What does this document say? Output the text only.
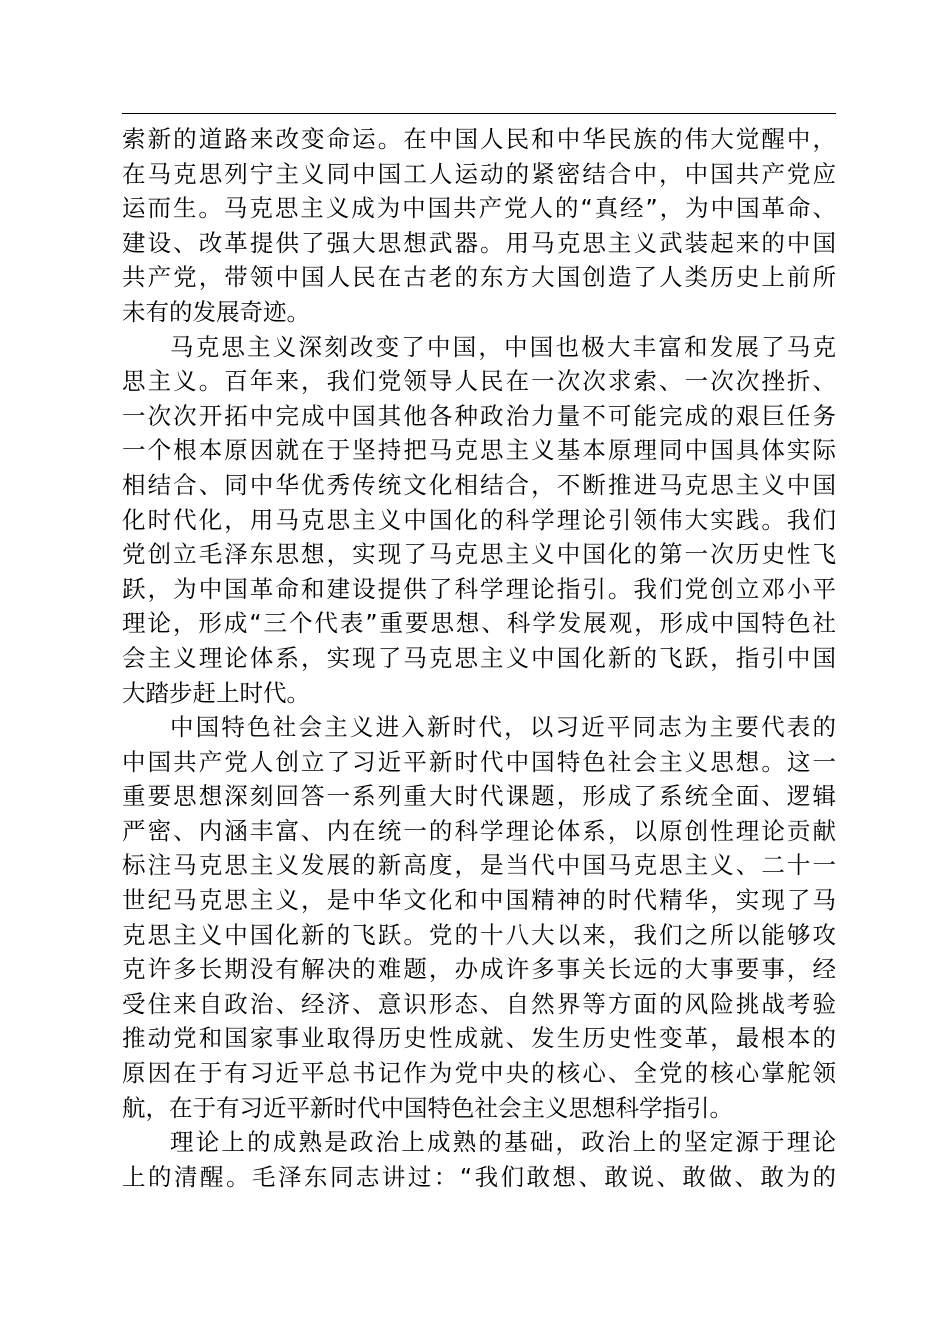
索新的道路来改变命运。在中国人民和中华民族的伟大觉醒中，
在马克思列宁主义同中国工人运动的紧密结合中，中国共产党应
运而生。马克思主义成为中国共产党人的“真经”，为中国革命、
建设、改革提供了强大思想武器。用马克思主义武装起来的中国
共产党，带领中国人民在古老的东方大国创造了人类历史上前所
未有的发展奇迹。
马克思主义深刻改变了中国，中国也极大丰富和发展了马克
思主义。百年来，我们党领导人民在一次次求索、一次次挫折、
一次次开拓中完成中国其他各种政治力量不可能完成的艰巨任务
一个根本原因就在于坚持把马克思主义基本原理同中国具体实际
相结合、同中华优秀传统文化相结合，不断推进马克思主义中国
化时代化，用马克思主义中国化的科学理论引领伟大实践。我们
党创立毛泽东思想，实现了马克思主义中国化的第一次历史性飞
跃，为中国革命和建设提供了科学理论指引。我们党创立邓小平
理论，形成“三个代表”重要思想、科学发展观，形成中国特色社
会主义理论体系，实现了马克思主义中国化新的飞跃，指引中国
大踏步赶上时代。
中国特色社会主义进入新时代，以习近平同志为主要代表的
中国共产党人创立了习近平新时代中国特色社会主义思想。这一
重要思想深刻回答一系列重大时代课题，形成了系统全面、逻辑
严密、内涵丰富、内在统一的科学理论体系，以原创性理论贡献
标注马克思主义发展的新高度，是当代中国马克思主义、二十一
世纪马克思主义，是中华文化和中国精神的时代精华，实现了马
克思主义中国化新的飞跃。党的十八大以来，我们之所以能够攻
克许多长期没有解决的难题，办成许多事关长远的大事要事，经
受住来自政治、经济、意识形态、自然界等方面的风险挑战考验
推动党和国家事业取得历史性成就、发生历史性变革，最根本的
原因在于有习近平总书记作为党中央的核心、全党的核心掌舵领
航，在于有习近平新时代中国特色社会主义思想科学指引。
理论上的成熟是政治上成熟的基础，政治上的坚定源于理论
上的清醒。毛泽东同志讲过：“我们敢想、敢说、敢做、敢为的
